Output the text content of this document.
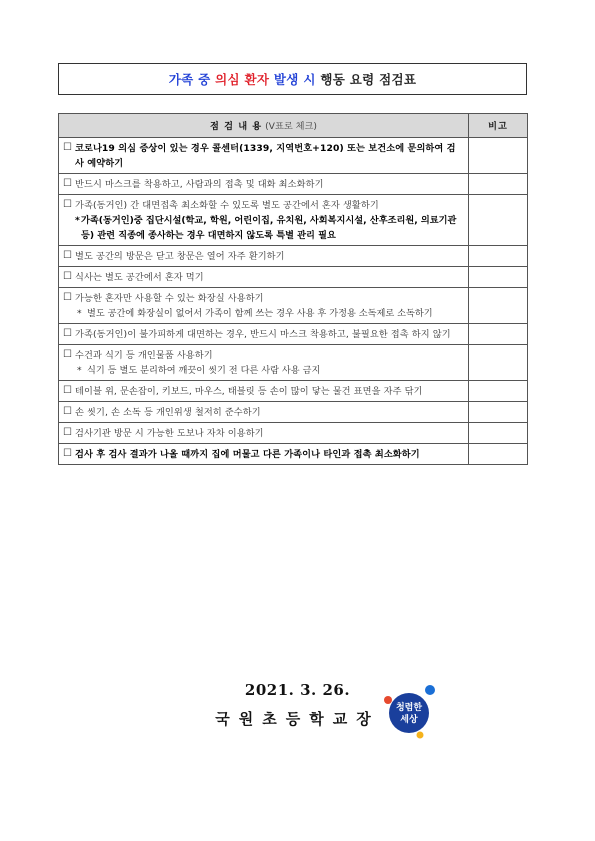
가족 중 의심 환자 발생 시 행동 요령 점검표
점 검 내 용 (V표로 체크)	비고

☐ 코로나19 의심 증상이 있는 경우 콜센터(1339, 지역번호+120) 또는 보건소에 문의하여 검사 예약하기	

☐ 반드시 마스크를 착용하고, 사람과의 접촉 및 대화 최소화하기	

☐ 가족(동거인) 간 대면접촉 최소화할 수 있도록 별도 공간에서 혼자 생활하기
* 가족(동거인)중 집단시설(학교, 학원, 어린이집, 유치원, 사회복지시설, 산후조리원, 의료기관 등) 관련 직종에 종사하는 경우 대면하지 않도록 특별 관리 필요	

☐ 별도 공간의 방문은 닫고 창문은 열어 자주 환기하기	

☐ 식사는 별도 공간에서 혼자 먹기	

☐ 가능한 혼자만 사용할 수 있는 화장실 사용하기
* 별도 공간에 화장실이 없어서 가족이 함께 쓰는 경우 사용 후 가정용 소독제로 소독하기	

☐ 가족(동거인)이 불가피하게 대면하는 경우, 반드시 마스크 착용하고, 불필요한 접촉 하지 않기	

☐ 수건과 식기 등 개인물품 사용하기
* 식기 등 별도 분리하여 깨끗이 씻기 전 다른 사람 사용 금지	

☐ 테이블 위, 문손잡이, 키보드, 마우스, 태블릿 등 손이 많이 닿는 물건 표면을 자주 닦기	

☐ 손 씻기, 손 소독 등 개인위생 철저히 준수하기	

☐ 검사기관 방문 시 가능한 도보나 자차 이용하기	

☐ 검사 후 검사 결과가 나올 때까지 집에 머물고 다른 가족이나 타인과 접촉 최소화하기	

2021. 3. 26.
국원초등학교장
청렴한
세상
